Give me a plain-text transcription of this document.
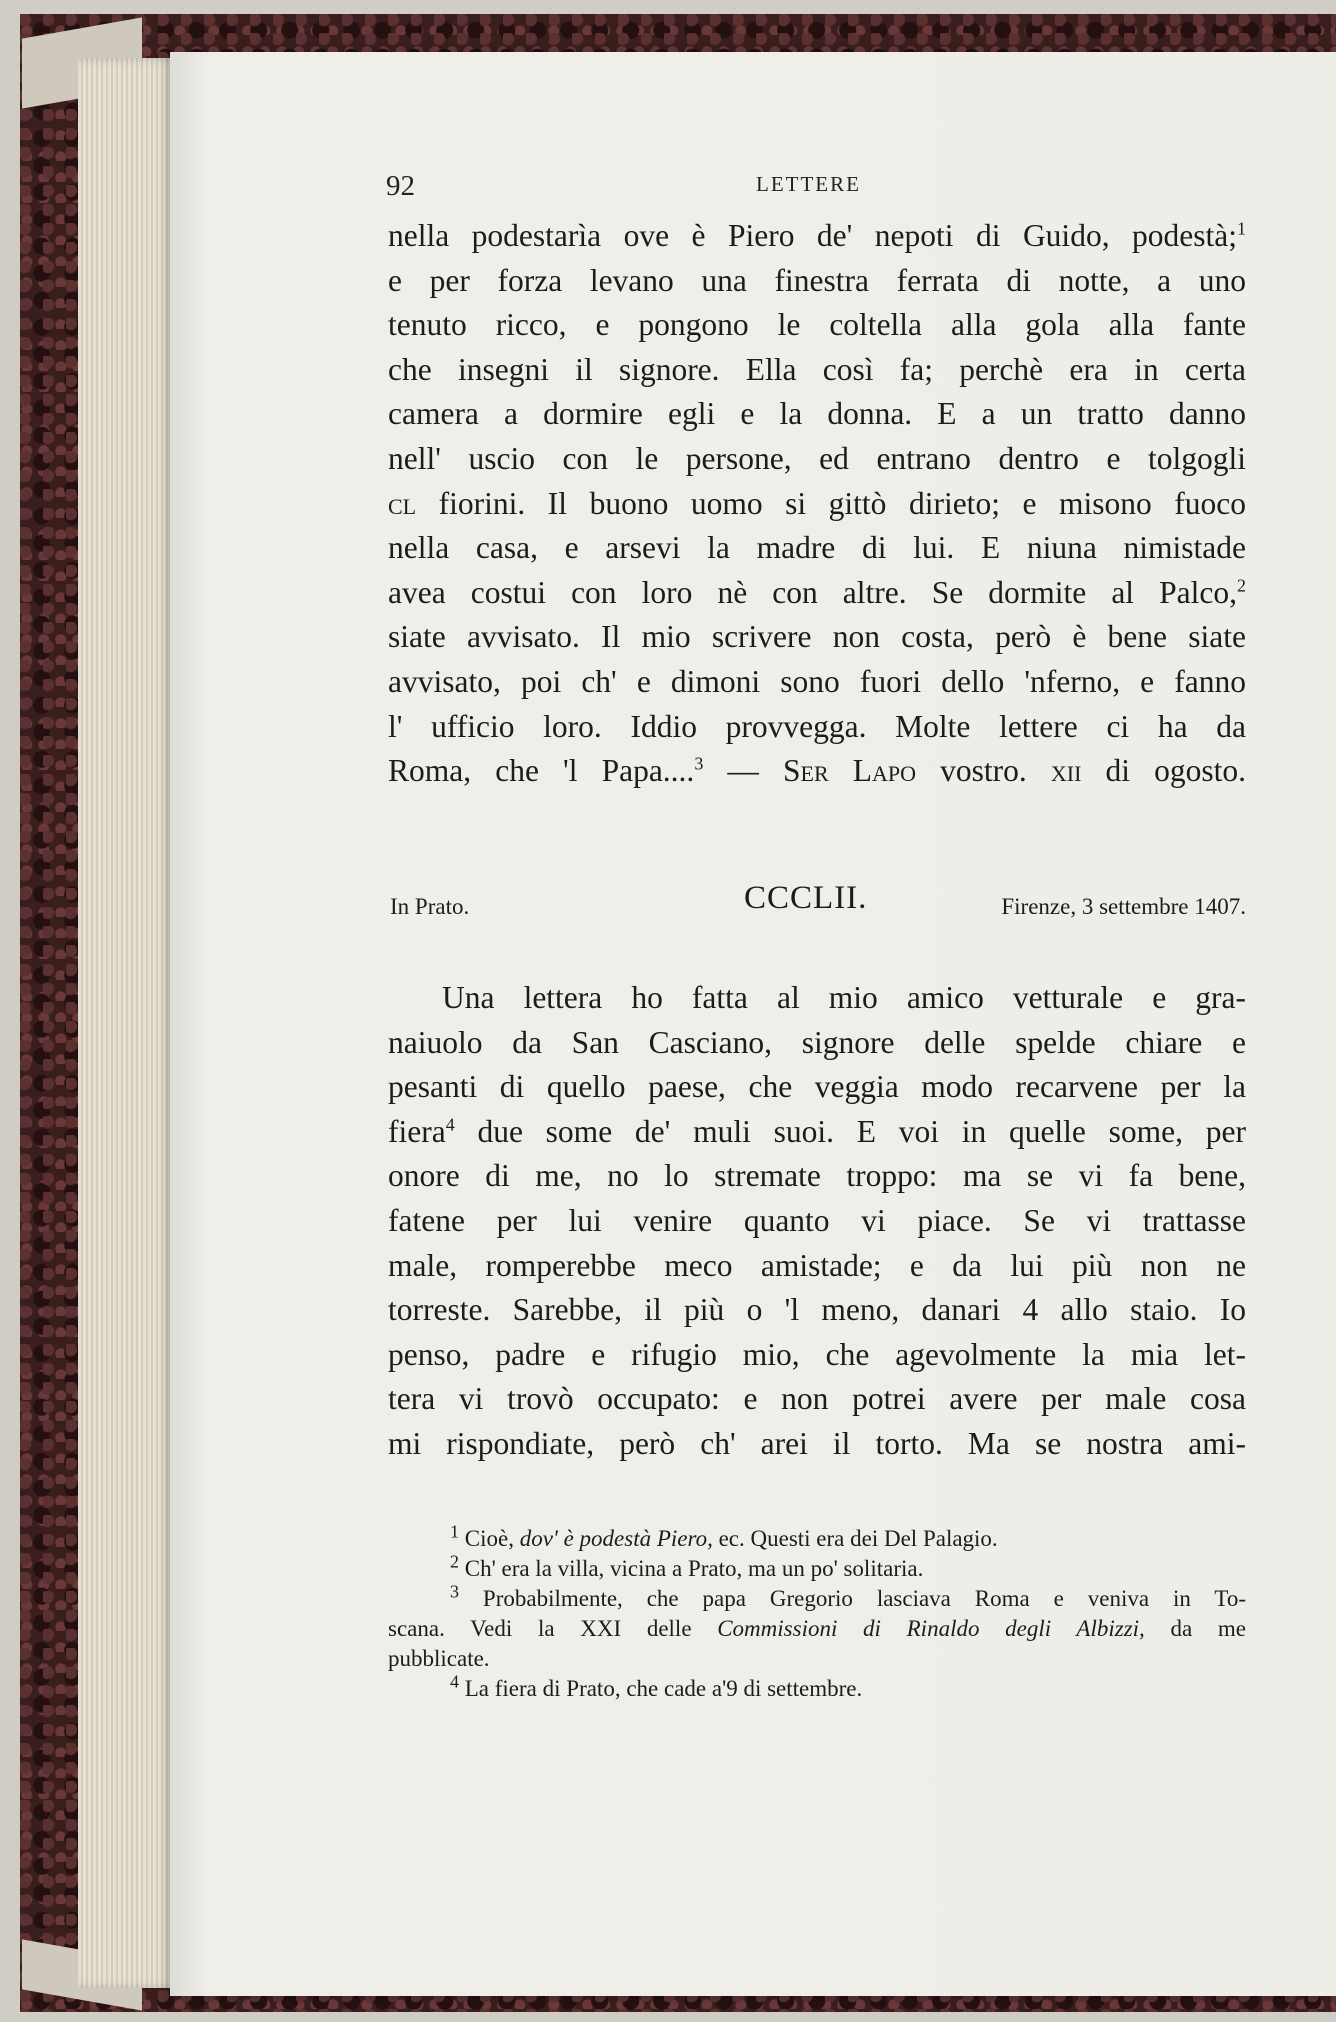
92	LETTERE

nella podestarìa ove è Piero de' nepoti di Guido, podestà;$^1$

e per forza levano una finestra ferrata di notte, a uno

tenuto ricco, e pongono le coltella alla gola alla fante

che insegni il signore. Ella così fa; perchè era in certa

camera a dormire egli e la donna. E a un tratto danno

nell' uscio con le persone, ed entrano dentro e tolgogli

cl fiorini. Il buono uomo si gittò dirieto; e misono fuoco

nella casa, e arsevi la madre di lui. E niuna nimistade

avea costui con loro nè con altre. Se dormite al Palco,$^2$

siate avvisato. Il mio scrivere non costa, però è bene siate

avvisato, poi ch' e dimoni sono fuori dello 'nferno, e fanno

l' ufficio loro. Iddio provvegga. Molte lettere ci ha da

Roma, che 'l Papa....$^3$ — Ser Lapo vostro. xii di ogosto.

In Prato.	CCCLII.	Firenze, 3 settembre 1407.

Una lettera ho fatta al mio amico vetturale e gra-

naiuolo da San Casciano, signore delle spelde chiare e

pesanti di quello paese, che veggia modo recarvene per la

fiera$^4$ due some de' muli suoi. E voi in quelle some, per

onore di me, no lo stremate troppo: ma se vi fa bene,

fatene per lui venire quanto vi piace. Se vi trattasse

male, romperebbe meco amistade; e da lui più non ne

torreste. Sarebbe, il più o 'l meno, danari 4 allo staio. Io

penso, padre e rifugio mio, che agevolmente la mia let-

tera vi trovò occupato: e non potrei avere per male cosa

mi rispondiate, però ch' arei il torto. Ma se nostra ami-

$^1$ Cioè, dov' è podestà Piero, ec. Questi era dei Del Palagio.

$^2$ Ch' era la villa, vicina a Prato, ma un po' solitaria.

$^3$ Probabilmente, che papa Gregorio lasciava Roma e veniva in To-

scana. Vedi la XXI delle Commissioni di Rinaldo degli Albizzi, da me

pubblicate.

$^4$ La fiera di Prato, che cade a'9 di settembre.
